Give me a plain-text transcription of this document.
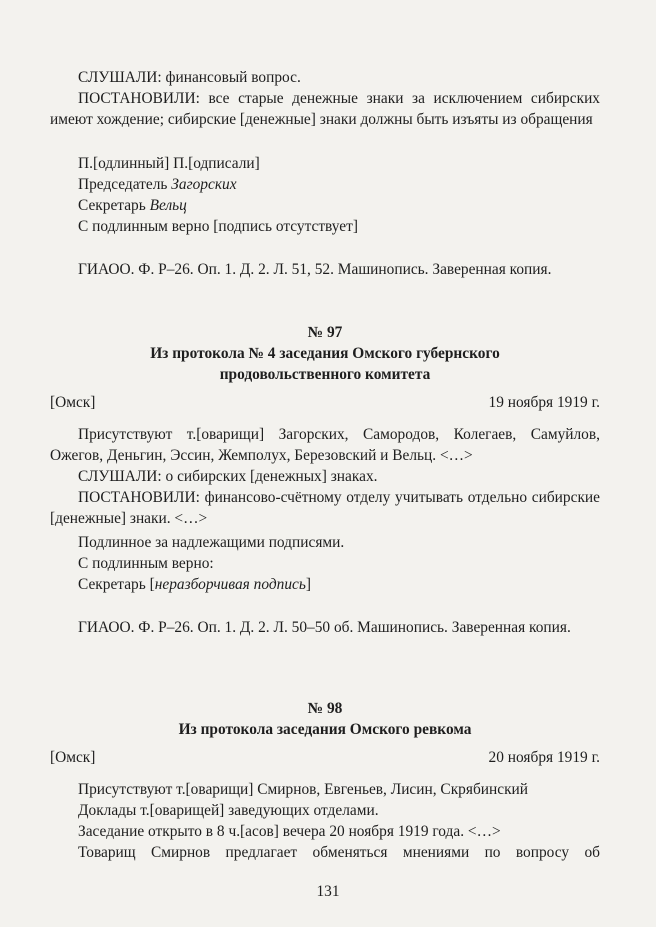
СЛУШАЛИ: финансовый вопрос.

ПОСТАНОВИЛИ: все старые денежные знаки за исключением сибирских имеют хождение; сибирские [денежные] знаки должны быть изъяты из обращения

П.[одлинный] П.[одписали]

Председатель Загорских

Секретарь Вельц

С подлинным верно [подпись отсутствует]

ГИАОО. Ф. Р–26. Оп. 1. Д. 2. Л. 51, 52. Машинопись. Заверенная копия.

№ 97
Из протокола № 4 заседания Омского губернского
продовольственного комитета
[Омск]	19 ноября 1919 г.

Присутствуют т.[оварищи] Загорских, Самородов, Колегаев, Самуйлов, Ожегов, Деньгин, Эссин, Жемполух, Березовский и Вельц. <…>

СЛУШАЛИ: о сибирских [денежных] знаках.

ПОСТАНОВИЛИ: финансово-счётному отделу учитывать отдельно сибирские [денежные] знаки. <…>

Подлинное за надлежащими подписями.

С подлинным верно:

Секретарь [неразборчивая подпись]

ГИАОО. Ф. Р–26. Оп. 1. Д. 2. Л. 50–50 об. Машинопись. Заверенная копия.

№ 98
Из протокола заседания Омского ревкома
[Омск]	20 ноября 1919 г.

Присутствуют т.[оварищи] Смирнов, Евгеньев, Лисин, Скрябинский

Доклады т.[оварищей] заведующих отделами.

Заседание открыто в 8 ч.[асов] вечера 20 ноября 1919 года. <…>

Товарищ Смирнов предлагает обменяться мнениями по вопросу об

131
